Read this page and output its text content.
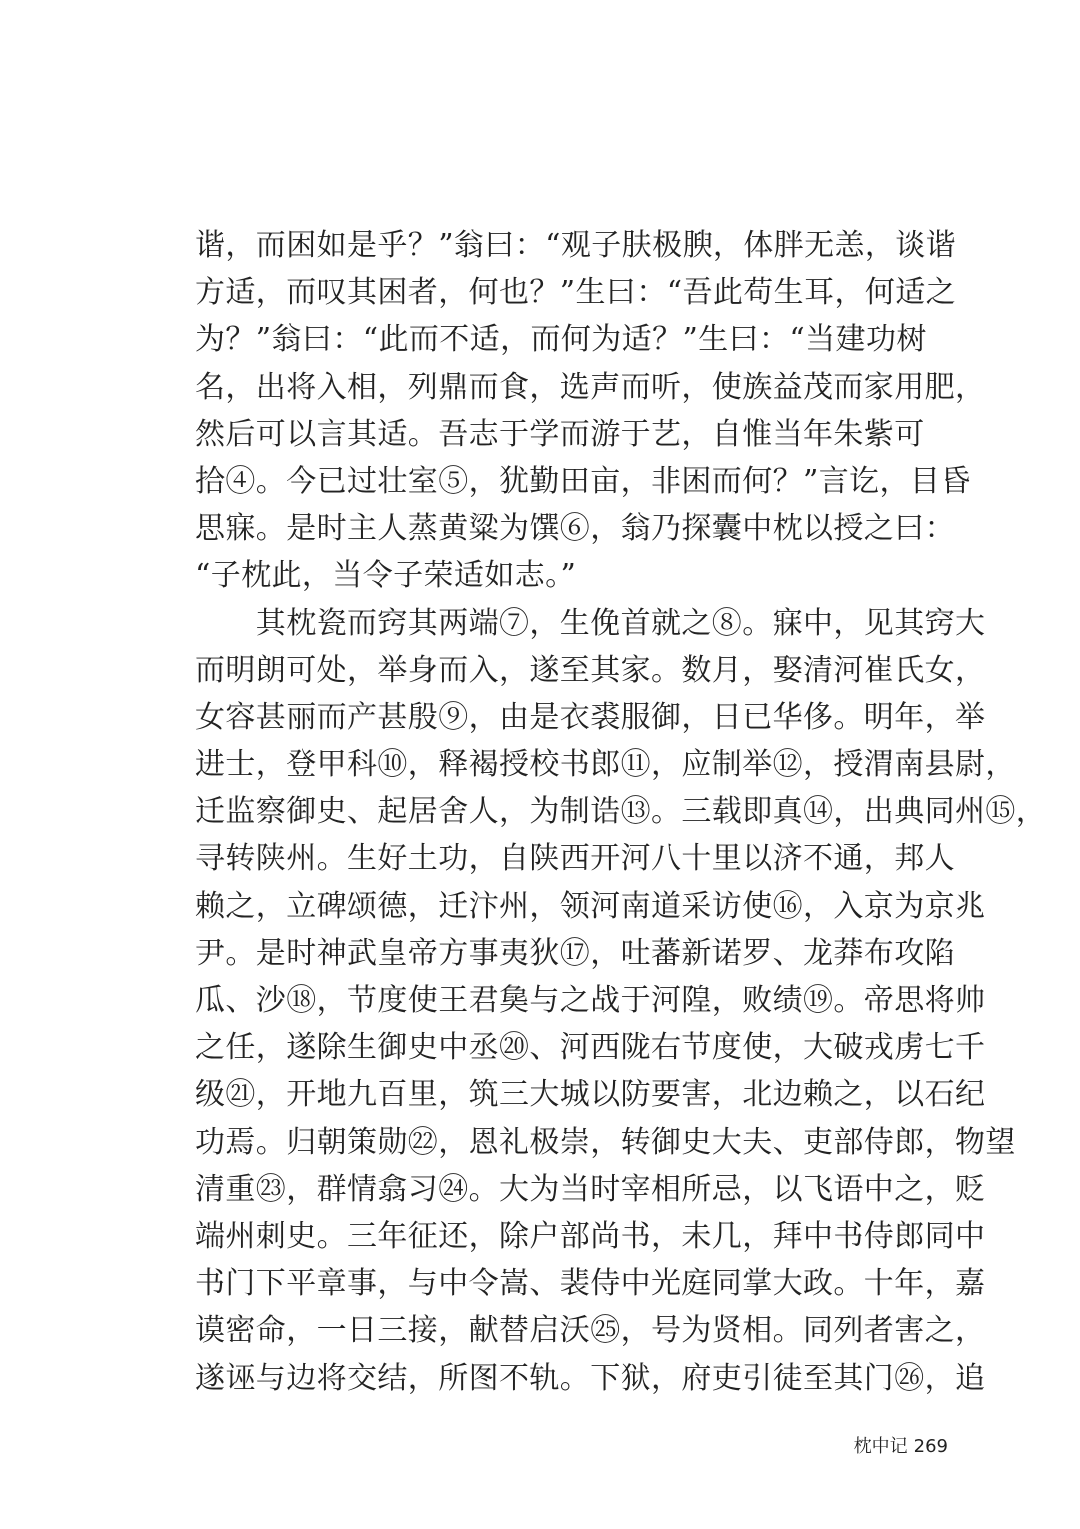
谐，而困如是乎？”翁曰：“观子肤极腴，体胖无恙，谈谐
方适，而叹其困者，何也？”生曰：“吾此苟生耳，何适之
为？”翁曰：“此而不适，而何为适？”生曰：“当建功树
名，出将入相，列鼎而食，选声而听，使族益茂而家用肥，
然后可以言其适。吾志于学而游于艺，自惟当年朱紫可
拾④。今已过壮室⑤，犹勤田亩，非困而何？”言讫，目昏
思寐。是时主人蒸黄粱为馔⑥，翁乃探囊中枕以授之曰：
“子枕此，当令子荣适如志。”
　　其枕瓷而窍其两端⑦，生俛首就之⑧。寐中，见其窍大
而明朗可处，举身而入，遂至其家。数月，娶清河崔氏女，
女容甚丽而产甚殷⑨，由是衣裘服御，日已华侈。明年，举
进士，登甲科⑩，释褐授校书郎⑪，应制举⑫，授渭南县尉，
迁监察御史、起居舍人，为制诰⑬。三载即真⑭，出典同州⑮，
寻转陕州。生好土功，自陕西开河八十里以济不通，邦人
赖之，立碑颂德，迁汴州，领河南道采访使⑯，入京为京兆
尹。是时神武皇帝方事夷狄⑰，吐蕃新诺罗、龙莽布攻陷
瓜、沙⑱，节度使王君㚟与之战于河隍，败绩⑲。帝思将帅
之任，遂除生御史中丞⑳、河西陇右节度使，大破戎虏七千
级㉑，开地九百里，筑三大城以防要害，北边赖之，以石纪
功焉。归朝策勋㉒，恩礼极崇，转御史大夫、吏部侍郎，物望
清重㉓，群情翕习㉔。大为当时宰相所忌，以飞语中之，贬
端州刺史。三年征还，除户部尚书，未几，拜中书侍郎同中
书门下平章事，与中令嵩、裴侍中光庭同掌大政。十年，嘉
谟密命，一日三接，献替启沃㉕，号为贤相。同列者害之，
遂诬与边将交结，所图不轨。下狱，府吏引徒至其门㉖，追
枕中记 269
